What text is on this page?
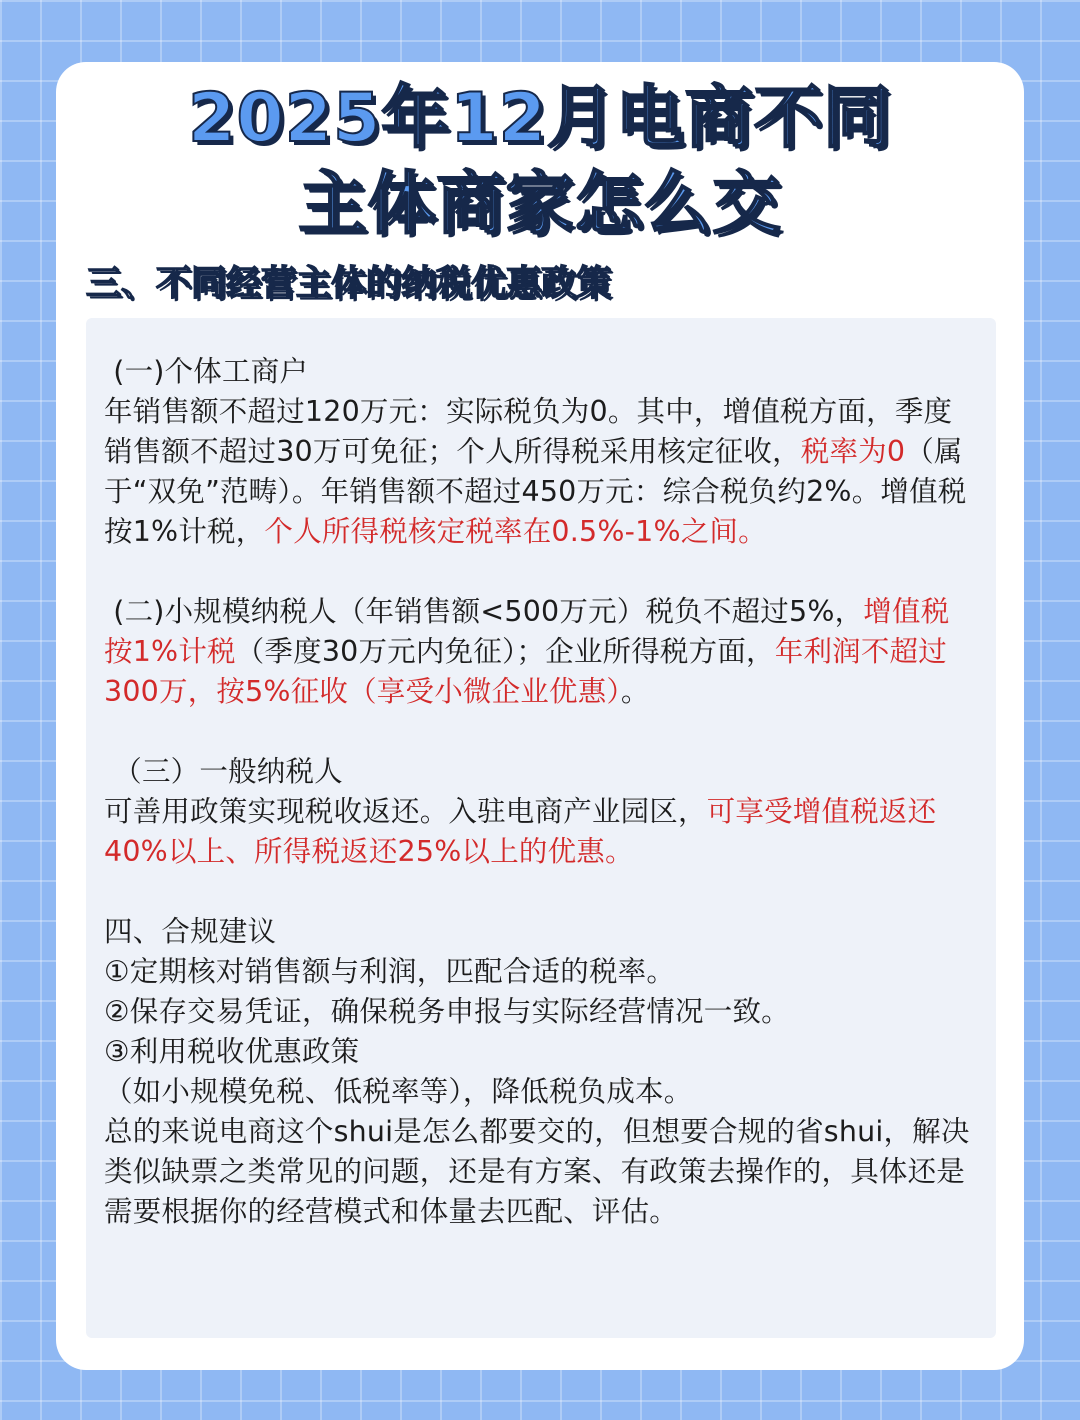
2025年12月电商不同
主体商家怎么交
三、不同经营主体的纳税优惠政策

(一)个体工商户

年销售额不超过120万元：实际税负为0。其中，增值税方面，季度销售额不超过30万可免征；个人所得税采用核定征收，税率为0（属于“双免”范畴）。年销售额不超过450万元：综合税负约2%。增值税按1%计税，个人所得税核定税率在0.5%-1%之间。

(二)小规模纳税人（年销售额<500万元）税负不超过5%，增值税按1%计税（季度30万元内免征）；企业所得税方面，年利润不超过300万，按5%征收（享受小微企业优惠）。

（三）一般纳税人

可善用政策实现税收返还。入驻电商产业园区，可享受增值税返还40%以上、所得税返还25%以上的优惠。

四、合规建议

①定期核对销售额与利润，匹配合适的税率。

②保存交易凭证，确保税务申报与实际经营情况一致。

③利用税收优惠政策

（如小规模免税、低税率等），降低税负成本。

总的来说电商这个shui是怎么都要交的，但想要合规的省shui，解决类似缺票之类常见的问题，还是有方案、有政策去操作的，具体还是需要根据你的经营模式和体量去匹配、评估。
